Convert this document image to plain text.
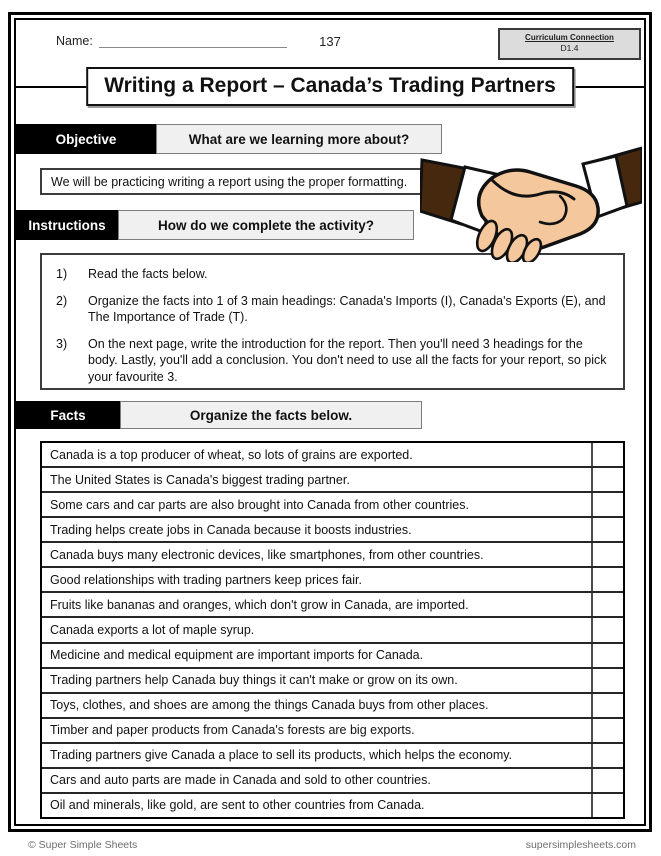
Name:	137	Curriculum Connection
D1.4
Writing a Report – Canada’s Trading Partners
Objective	What are we learning more about?
We will be practicing writing a report using the proper formatting.
Instructions	How do we complete the activity?
1)	Read the facts below.
2)	Organize the facts into 1 of 3 main headings: Canada's Imports (I), Canada's Exports (E), and The Importance of Trade (T).
3)	On the next page, write the introduction for the report. Then you'll need 3 headings for the body. Lastly, you'll add a conclusion. You don't need to use all the facts for your report, so pick your favourite 3.
Facts	Organize the facts below.
Canada is a top producer of wheat, so lots of grains are exported.
The United States is Canada's biggest trading partner.
Some cars and car parts are also brought into Canada from other countries.
Trading helps create jobs in Canada because it boosts industries.
Canada buys many electronic devices, like smartphones, from other countries.
Good relationships with trading partners keep prices fair.
Fruits like bananas and oranges, which don't grow in Canada, are imported.
Canada exports a lot of maple syrup.
Medicine and medical equipment are important imports for Canada.
Trading partners help Canada buy things it can't make or grow on its own.
Toys, clothes, and shoes are among the things Canada buys from other places.
Timber and paper products from Canada's forests are big exports.
Trading partners give Canada a place to sell its products, which helps the economy.
Cars and auto parts are made in Canada and sold to other countries.
Oil and minerals, like gold, are sent to other countries from Canada.
© Super Simple Sheets	supersimplesheets.com
